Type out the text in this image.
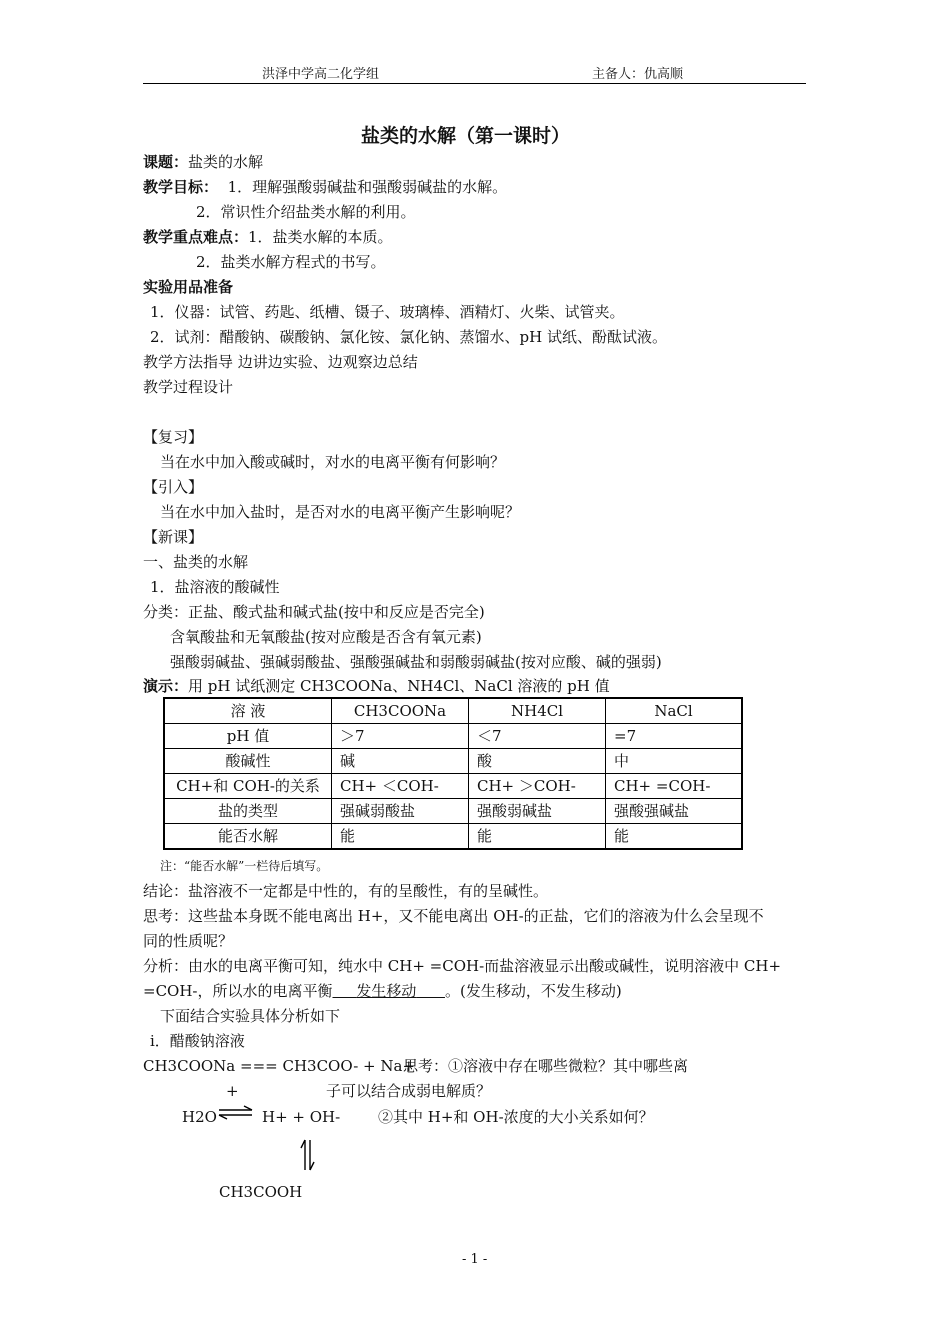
洪泽中学高二化学组	主备人：仇高顺
盐类的水解（第一课时）
课题：盐类的水解
教学目标： 1．理解强酸弱碱盐和强酸弱碱盐的水解。
2．常识性介绍盐类水解的利用。
教学重点难点：1．盐类水解的本质。
2．盐类水解方程式的书写。
实验用品准备
1．仪器：试管、药匙、纸槽、镊子、玻璃棒、酒精灯、火柴、试管夹。
2．试剂：醋酸钠、碳酸钠、氯化铵、氯化钠、蒸馏水、pH 试纸、酚酞试液。
教学方法指导 边讲边实验、边观察边总结
教学过程设计
【复习】
当在水中加入酸或碱时，对水的电离平衡有何影响？
【引入】
当在水中加入盐时，是否对水的电离平衡产生影响呢？
【新课】
一、盐类的水解
1．盐溶液的酸碱性
分类：正盐、酸式盐和碱式盐(按中和反应是否完全)
含氧酸盐和无氧酸盐(按对应酸是否含有氧元素)
强酸弱碱盐、强碱弱酸盐、强酸强碱盐和弱酸弱碱盐(按对应酸、碱的强弱)
演示：用 pH 试纸测定 CH3COONa、NH4Cl、NaCl 溶液的 pH 值
溶 液	CH3COONa	NH4Cl	NaCl
pH 值	＞7	＜7	=7
酸碱性	碱	酸	中
CH+和 COH-的关系	CH+ ＜COH-	CH+ ＞COH-	CH+ =COH-
盐的类型	强碱弱酸盐	强酸弱碱盐	强酸强碱盐
能否水解	能	能	能
注：“能否水解”一栏待后填写。
结论：盐溶液不一定都是中性的，有的呈酸性，有的呈碱性。
思考：这些盐本身既不能电离出 H+，又不能电离出 OH-的正盐，它们的溶液为什么会呈现不
同的性质呢？
分析：由水的电离平衡可知，纯水中 CH+ =COH-而盐溶液显示出酸或碱性，说明溶液中 CH+
=COH-，所以水的电离平衡 发生移动 。(发生移动，不发生移动)
下面结合实验具体分析如下
i．醋酸钠溶液
CH3COONa === CH3COO- + Na+
思考：①溶液中存在哪些微粒？其中哪些离
+	子可以结合成弱电解质？
H2O ⇌ H+ + OH-	②其中 H+和 OH-浓度的大小关系如何？
CH3COOH
- 1 -
